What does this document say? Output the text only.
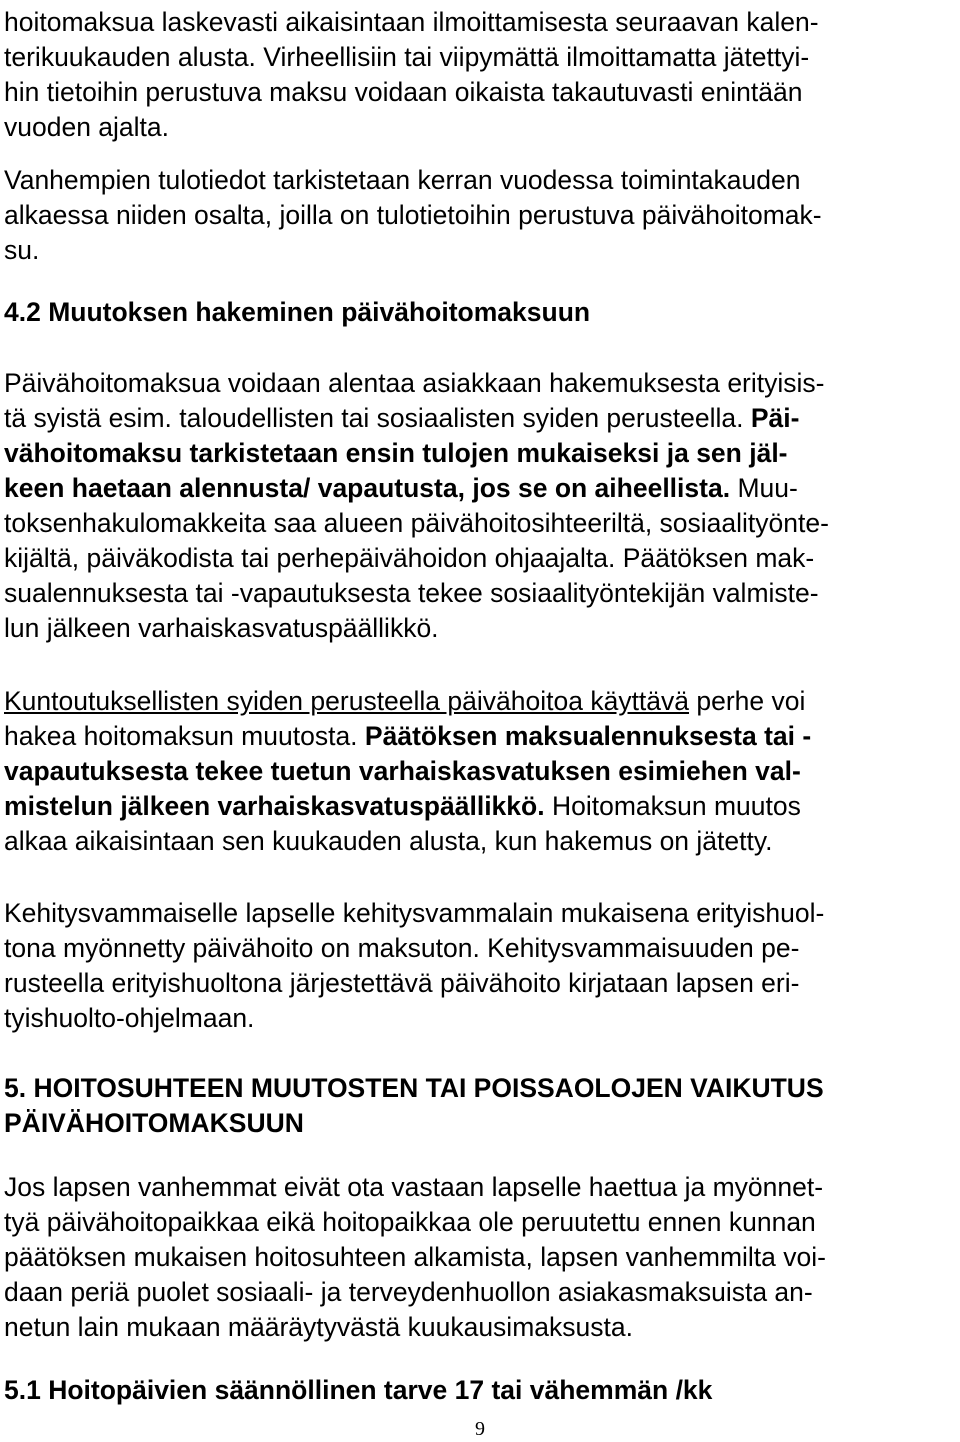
hoitomaksua laskevasti aikaisintaan ilmoittamisesta seuraavan kalen-
terikuukauden alusta. Virheellisiin tai viipymättä ilmoittamatta jätettyi-
hin tietoihin perustuva maksu voidaan oikaista takautuvasti enintään
vuoden ajalta.
Vanhempien tulotiedot tarkistetaan kerran vuodessa toimintakauden
alkaessa niiden osalta, joilla on tulotietoihin perustuva päivähoitomak-
su.
4.2 Muutoksen hakeminen päivähoitomaksuun
Päivähoitomaksua voidaan alentaa asiakkaan hakemuksesta erityisis-
tä syistä esim. taloudellisten tai sosiaalisten syiden perusteella. Päi-
vähoitomaksu tarkistetaan ensin tulojen mukaiseksi ja sen jäl-
keen haetaan alennusta/ vapautusta, jos se on aiheellista. Muu-
toksenhakulomakkeita saa alueen päivähoitosihteeriltä, sosiaalityönte-
kijältä, päiväkodista tai perhepäivähoidon ohjaajalta. Päätöksen mak-
sualennuksesta tai -vapautuksesta tekee sosiaalityöntekijän valmiste-
lun jälkeen varhaiskasvatuspäällikkö.
Kuntoutuksellisten syiden perusteella päivähoitoa käyttävä perhe voi
hakea hoitomaksun muutosta. Päätöksen maksualennuksesta tai -
vapautuksesta tekee tuetun varhaiskasvatuksen esimiehen val-
mistelun jälkeen varhaiskasvatuspäällikkö. Hoitomaksun muutos
alkaa aikaisintaan sen kuukauden alusta, kun hakemus on jätetty.
Kehitysvammaiselle lapselle kehitysvammalain mukaisena erityishuol-
tona myönnetty päivähoito on maksuton. Kehitysvammaisuuden pe-
rusteella erityishuoltona järjestettävä päivähoito kirjataan lapsen eri-
tyishuolto-ohjelmaan.
5. HOITOSUHTEEN MUUTOSTEN TAI POISSAOLOJEN VAIKUTUS
PÄIVÄHOITOMAKSUUN
Jos lapsen vanhemmat eivät ota vastaan lapselle haettua ja myönnet-
tyä päivähoitopaikkaa eikä hoitopaikkaa ole peruutettu ennen kunnan
päätöksen mukaisen hoitosuhteen alkamista, lapsen vanhemmilta voi-
daan periä puolet sosiaali- ja terveydenhuollon asiakasmaksuista an-
netun lain mukaan määräytyvästä kuukausimaksusta.
5.1 Hoitopäivien säännöllinen tarve 17 tai vähemmän /kk
9
